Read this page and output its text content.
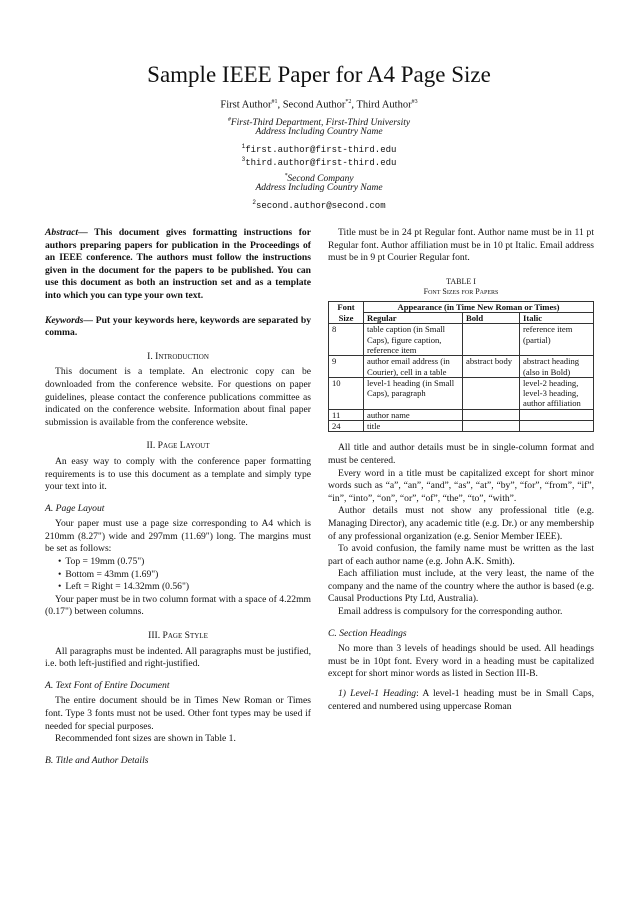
Sample IEEE Paper for A4 Page Size
First Author$^{\#1}$, Second Author$^{*2}$, Third Author$^{\#3}$
#First-Third Department, First-Third University
Address Including Country Name
$^1$first.author@first-third.edu
$^3$third.author@first-third.edu
*Second Company
Address Including Country Name
$^2$second.author@second.com

Abstract— This document gives formatting instructions for authors preparing papers for publication in the Proceedings of an IEEE conference. The authors must follow the instructions given in the document for the papers to be published. You can use this document as both an instruction set and as a template into which you can type your own text.

Keywords— Put your keywords here, keywords are separated by comma.

I. Introduction

This document is a template. An electronic copy can be downloaded from the conference website. For questions on paper guidelines, please contact the conference publications committee as indicated on the conference website. Information about final paper submission is available from the conference website.

II. Page Layout

An easy way to comply with the conference paper formatting requirements is to use this document as a template and simply type your text into it.

A. Page Layout

Your paper must use a page size corresponding to A4 which is 210mm (8.27") wide and 297mm (11.69") long. The margins must be set as follows:

• Top = 19mm (0.75")
• Bottom = 43mm (1.69")
• Left = Right = 14.32mm (0.56")

Your paper must be in two column format with a space of 4.22mm (0.17") between columns.

III. Page Style

All paragraphs must be indented. All paragraphs must be justified, i.e. both left-justified and right-justified.

A. Text Font of Entire Document

The entire document should be in Times New Roman or Times font. Type 3 fonts must not be used. Other font types may be used if needed for special purposes.

Recommended font sizes are shown in Table 1.

B. Title and Author Details

Title must be in 24 pt Regular font. Author name must be in 11 pt Regular font. Author affiliation must be in 10 pt Italic. Email address must be in 9 pt Courier Regular font.

TABLE I
Font Sizes for Papers
Font	Appearance (in Time New Roman or Times)		
Size	Regular	Bold	Italic
8	table caption (in Small Caps), figure caption, reference item		reference item (partial)
9	author email address (in Courier), cell in a table	abstract body	abstract heading (also in Bold)
10	level-1 heading (in Small Caps), paragraph		level-2 heading, level-3 heading, author affiliation
11	author name		
24	title		

All title and author details must be in single-column format and must be centered.

Every word in a title must be capitalized except for short minor words such as “a”, “an”, “and”, “as”, “at”, “by”, “for”, “from”, “if”, “in”, “into”, “on”, “or”, “of”, “the”, “to”, “with”.

Author details must not show any professional title (e.g. Managing Director), any academic title (e.g. Dr.) or any membership of any professional organization (e.g. Senior Member IEEE).

To avoid confusion, the family name must be written as the last part of each author name (e.g. John A.K. Smith).

Each affiliation must include, at the very least, the name of the company and the name of the country where the author is based (e.g. Causal Productions Pty Ltd, Australia).

Email address is compulsory for the corresponding author.

C. Section Headings

No more than 3 levels of headings should be used. All headings must be in 10pt font. Every word in a heading must be capitalized except for short minor words as listed in Section III-B.

1) Level-1 Heading: A level-1 heading must be in Small Caps, centered and numbered using uppercase Roman
